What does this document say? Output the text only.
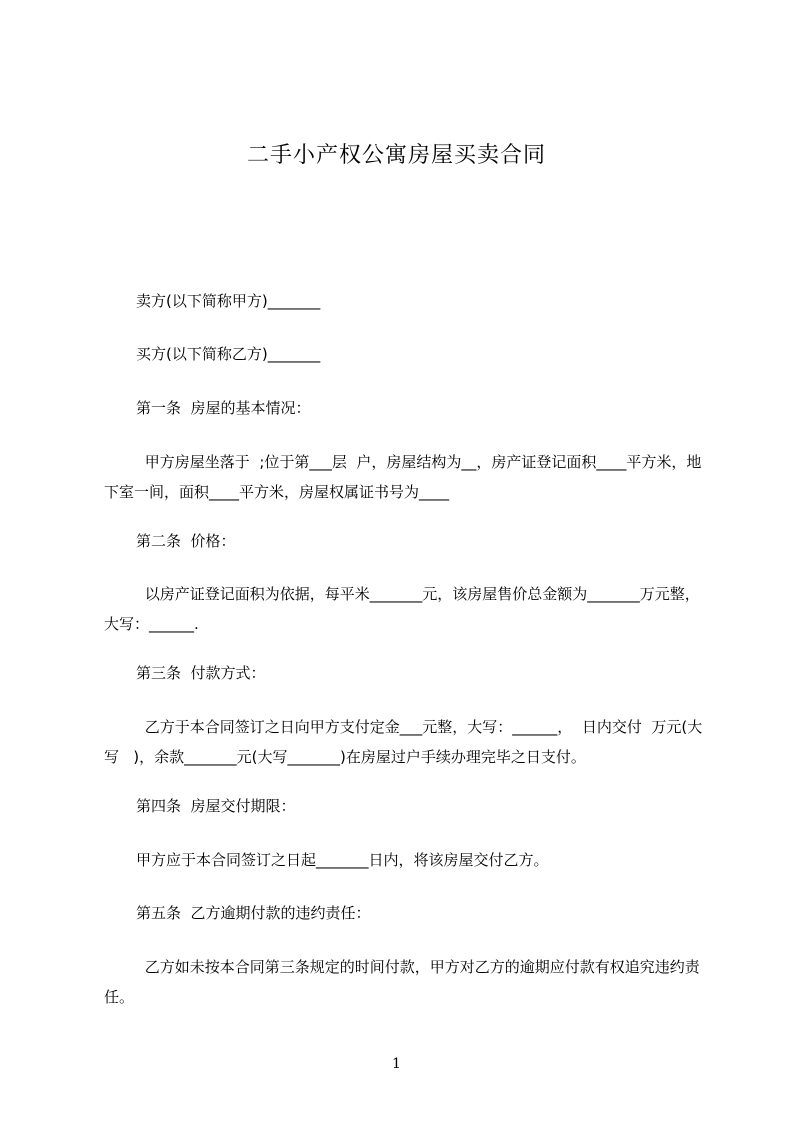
二手小产权公寓房屋买卖合同
卖方(以下简称甲方)_______
买方(以下简称乙方)_______
第一条  房屋的基本情况：
甲方房屋坐落于  ;位于第___层  户，房屋结构为__，房产证登记面积____平方米，地下室一间，面积____平方米，房屋权属证书号为____
第二条  价格：
以房产证登记面积为依据，每平米_______元，该房屋售价总金额为_______万元整，大写：______.
第三条  付款方式：
乙方于本合同签订之日向甲方支付定金___元整，大写：______，  日内交付  万元(大写   )，余款_______元(大写_______)在房屋过户手续办理完毕之日支付。
第四条  房屋交付期限：
甲方应于本合同签订之日起_______日内，将该房屋交付乙方。
第五条  乙方逾期付款的违约责任：
乙方如未按本合同第三条规定的时间付款，甲方对乙方的逾期应付款有权追究违约责任。
1
